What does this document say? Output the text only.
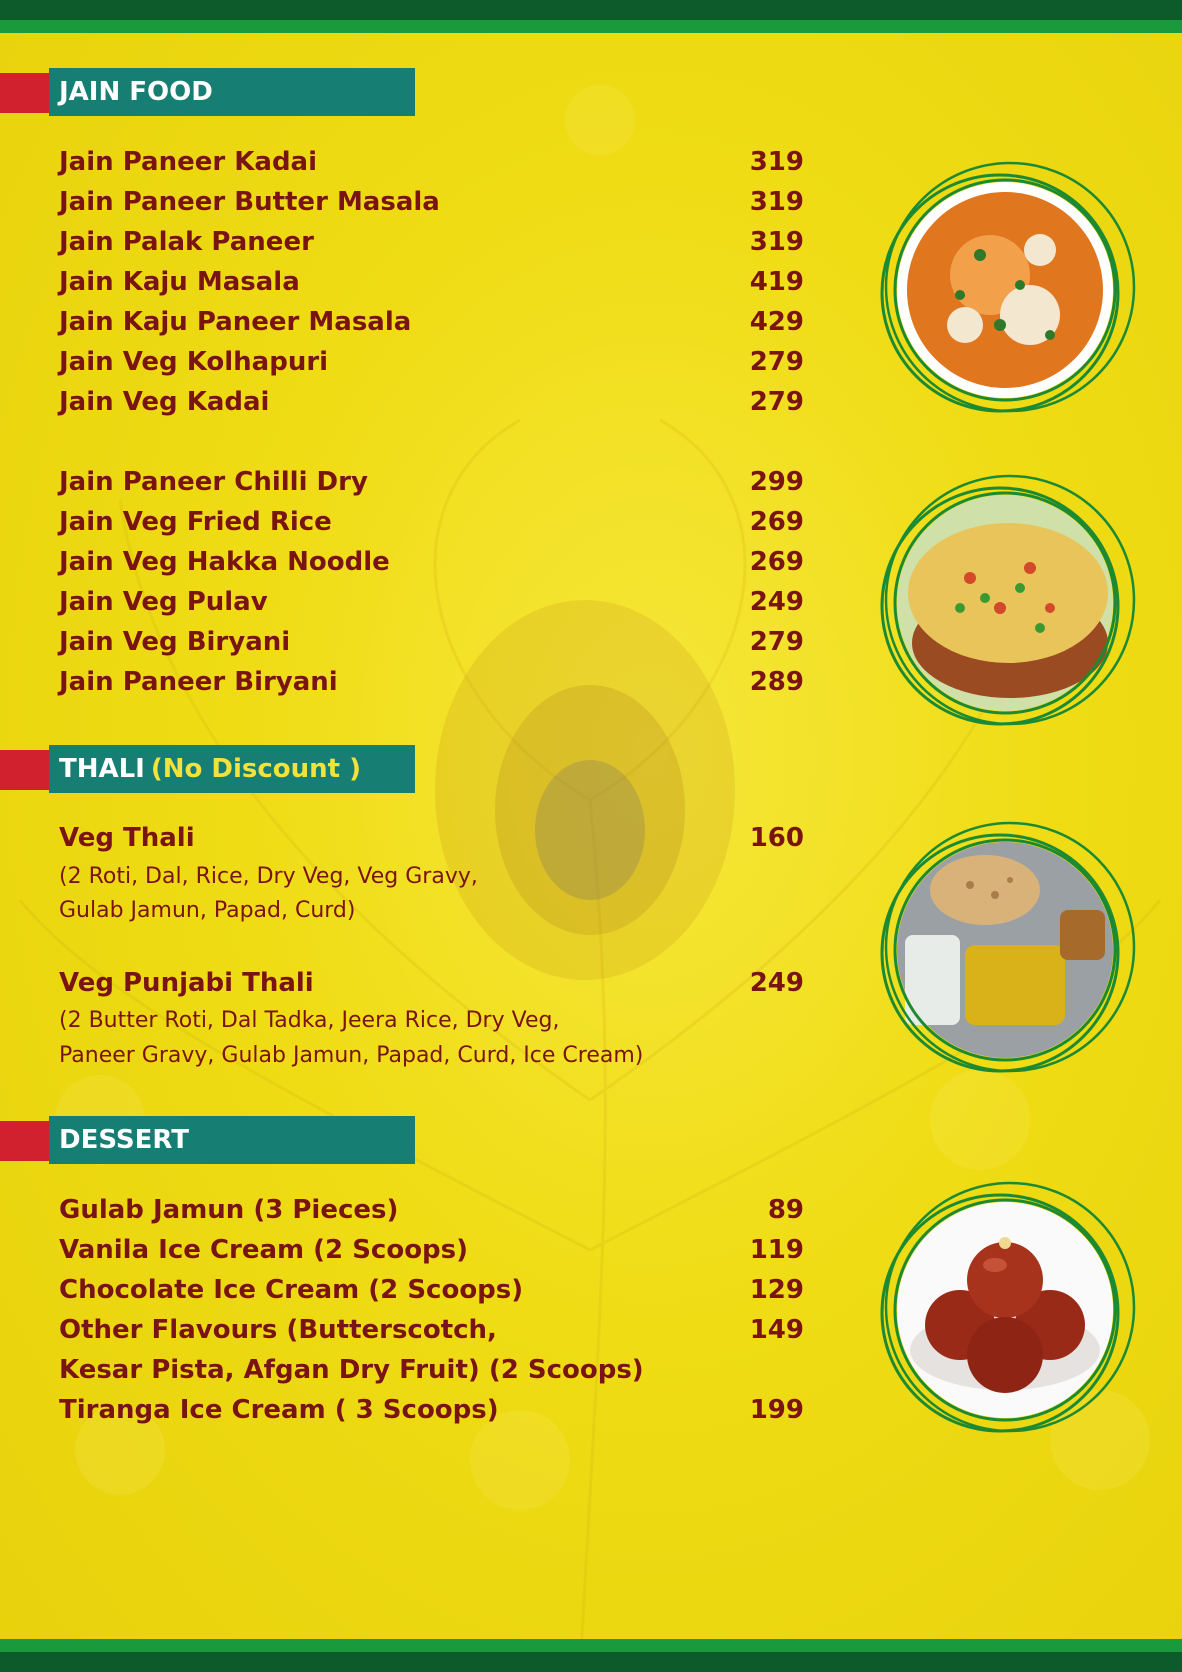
JAIN FOOD
Jain Paneer Kadai	319
Jain Paneer Butter Masala	319
Jain Palak Paneer	319
Jain Kaju Masala	419
Jain Kaju Paneer Masala	429
Jain Veg Kolhapuri	279
Jain Veg Kadai	279
Jain Paneer Chilli Dry	299
Jain Veg Fried Rice	269
Jain Veg Hakka Noodle	269
Jain Veg Pulav	249
Jain Veg Biryani	279
Jain Paneer Biryani	289
THALI (No Discount )
Veg Thali	160
(2 Roti, Dal, Rice, Dry Veg, Veg Gravy,
Gulab Jamun, Papad, Curd)
Veg Punjabi Thali	249
(2 Butter Roti, Dal Tadka, Jeera Rice, Dry Veg,
Paneer Gravy, Gulab Jamun, Papad, Curd, Ice Cream)
DESSERT
Gulab Jamun (3 Pieces)	89
Vanila Ice Cream (2 Scoops)	119
Chocolate Ice Cream (2 Scoops)	129
Other Flavours (Butterscotch,	149
Kesar Pista, Afgan Dry Fruit) (2 Scoops)
Tiranga Ice Cream ( 3 Scoops)	199
